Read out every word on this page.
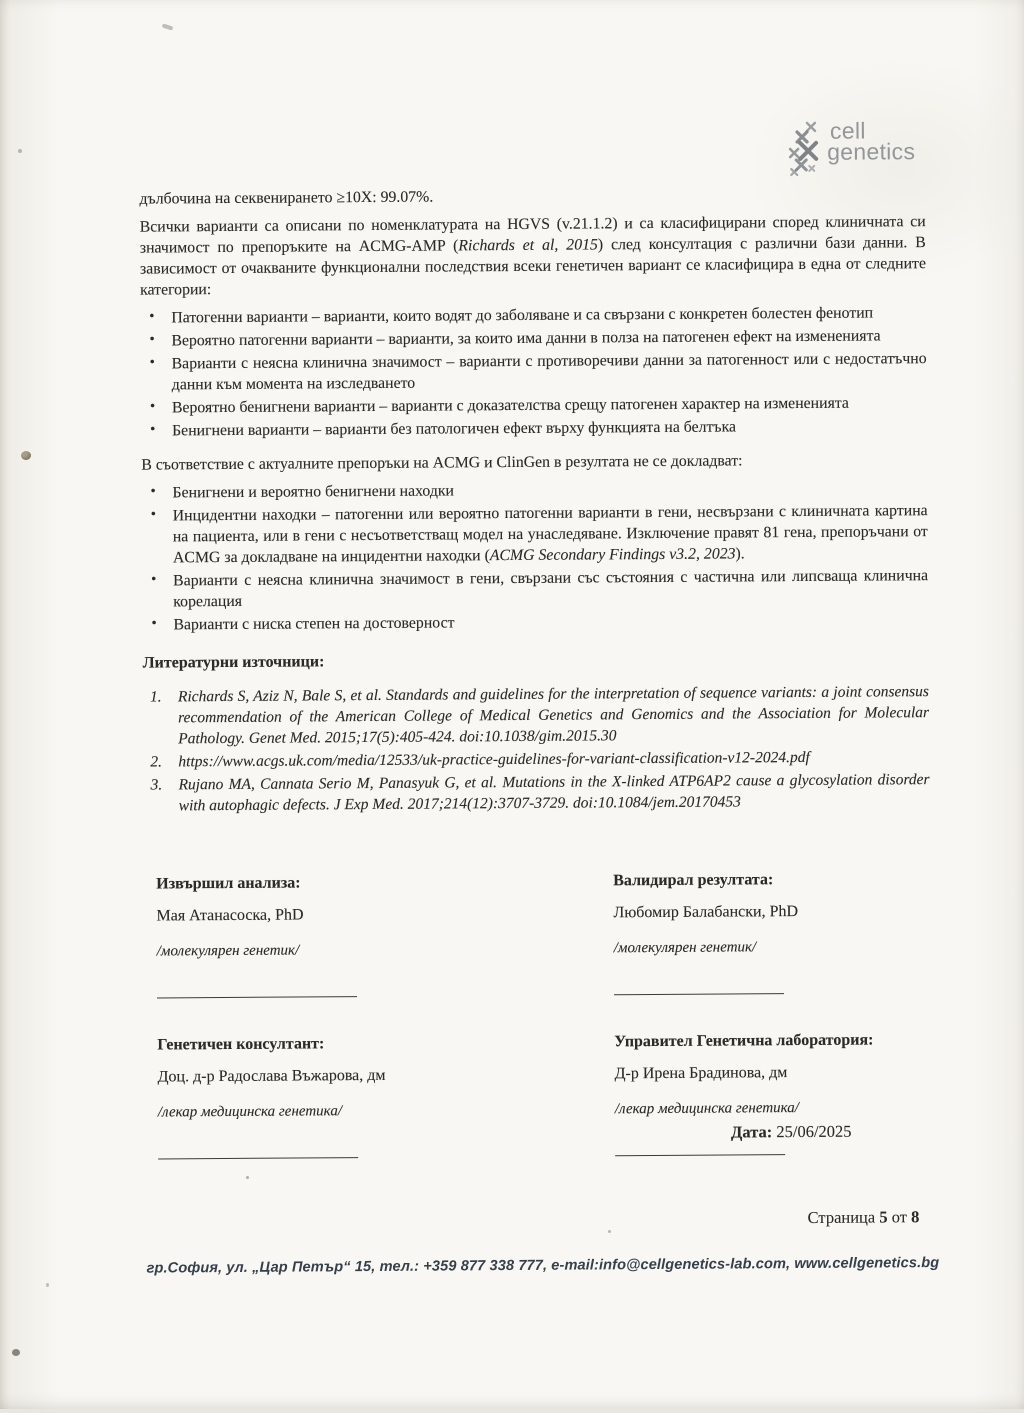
cell
genetics

дълбочина на секвенирането ≥10X: 99.07%.

Всички варианти са описани по номенклатурата на HGVS (v.21.1.2) и са класифицирани според клиничната си значимост по препоръките на ACMG-AMP (Richards et al, 2015) след консултация с различни бази данни. В зависимост от очакваните функционални последствия всеки генетичен вариант се класифицира в една от следните категории:

• Патогенни варианти – варианти, които водят до заболяване и са свързани с конкретен болестен фенотип
• Вероятно патогенни варианти – варианти, за които има данни в полза на патогенен ефект на измененията
• Варианти с неясна клинична значимост – варианти с противоречиви данни за патогенност или с недостатъчно данни към момента на изследването
• Вероятно бенигнени варианти – варианти с доказателства срещу патогенен характер на измененията
• Бенигнени варианти – варианти без патологичен ефект върху функцията на белтъка

В съответствие с актуалните препоръки на ACMG и ClinGen в резултата не се докладват:

• Бенигнени и вероятно бенигнени находки
• Инцидентни находки – патогенни или вероятно патогенни варианти в гени, несвързани с клиничната картина на пациента, или в гени с несъответстващ модел на унаследяване. Изключение правят 81 гена, препоръчани от ACMG за докладване на инцидентни находки (ACMG Secondary Findings v3.2, 2023).
• Варианти с неясна клинична значимост в гени, свързани със състояния с частична или липсваща клинична корелация
• Варианти с ниска степен на достоверност
Литературни източници:
1. Richards S, Aziz N, Bale S, et al. Standards and guidelines for the interpretation of sequence variants: a joint consensus recommendation of the American College of Medical Genetics and Genomics and the Association for Molecular Pathology. Genet Med. 2015;17(5):405-424. doi:10.1038/gim.2015.30
2. https://www.acgs.uk.com/media/12533/uk-practice-guidelines-for-variant-classification-v12-2024.pdf
3. Rujano MA, Cannata Serio M, Panasyuk G, et al. Mutations in the X-linked ATP6AP2 cause a glycosylation disorder with autophagic defects. J Exp Med. 2017;214(12):3707-3729. doi:10.1084/jem.20170453
Извършил анализа:

Мая Атанасоска, PhD

/молекулярен генетик/

Валидирал резултата:

Любомир Балабански, PhD

/молекулярен генетик/

Генетичен консултант:

Доц. д-р Радослава Въжарова, дм

/лекар медицинска генетика/

Управител Генетична лаборатория:

Д-р Ирена Брадинова, дм

/лекар медицинска генетика/

Дата: 25/06/2025
Страница 5 от 8
гр.София, ул. „Цар Петър“ 15, тел.: +359 877 338 777, e-mail:info@cellgenetics-lab.com, www.cellgenetics.bg
